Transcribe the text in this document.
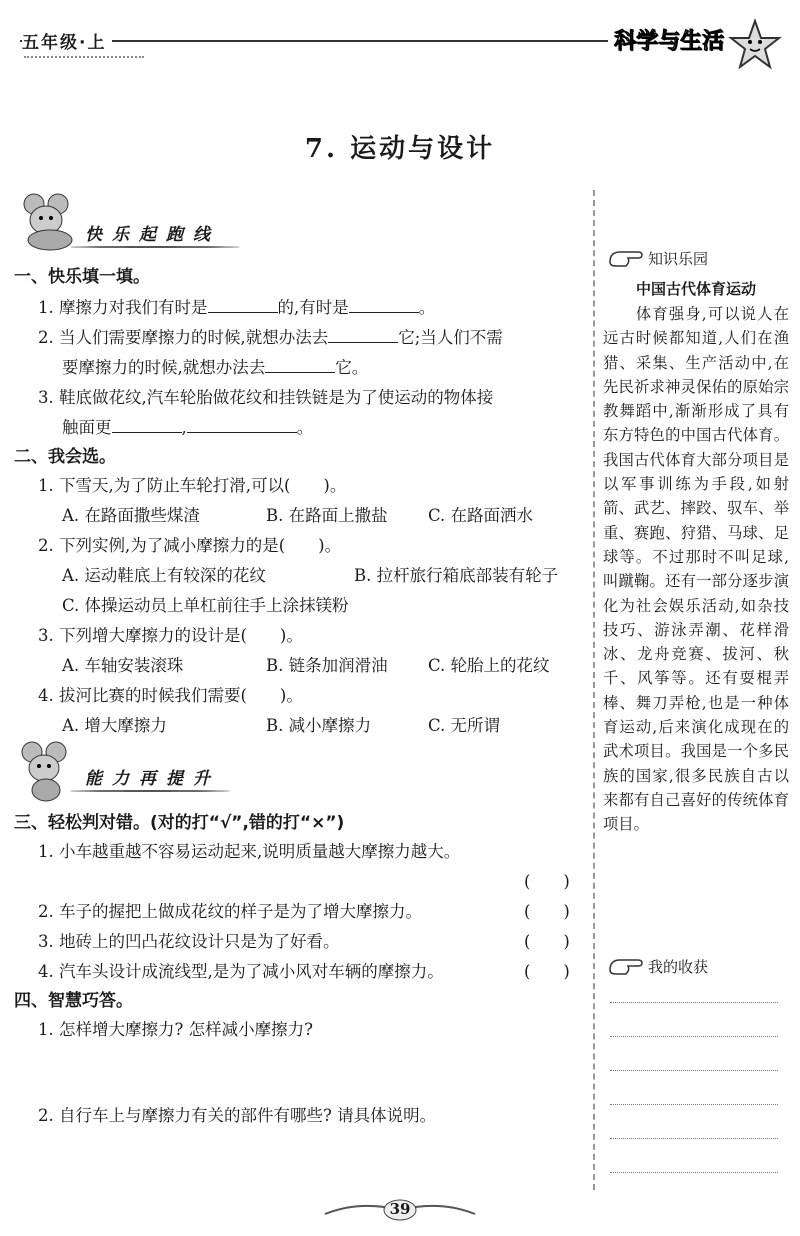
五年级·上	科学与生活
7. 运动与设计
快乐起跑线
一、快乐填一填。
1. 摩擦力对我们有时是	的,有时是	。
2. 当人们需要摩擦力的时候,就想办法去	它;当人们不需
要摩擦力的时候,就想办法去	它。
3. 鞋底做花纹,汽车轮胎做花纹和挂铁链是为了使运动的物体接
触面更	,	。
二、我会选。
1. 下雪天,为了防止车轮打滑,可以(　　)。
A. 在路面撒些煤渣	B. 在路面上撒盐 C. 在路面洒水
2. 下列实例,为了减小摩擦力的是(　　)。
A. 运动鞋底上有较深的花纹	B. 拉杆旅行箱底部装有轮子
C. 体操运动员上单杠前往手上涂抹镁粉
3. 下列增大摩擦力的设计是(　　)。
A. 车轴安装滚珠	B. 链条加润滑油 C. 轮胎上的花纹
4. 拔河比赛的时候我们需要(　　)。
A. 增大摩擦力	B. 减小摩擦力	C. 无所谓
能力再提升
三、轻松判对错。(对的打“√”,错的打“×”)
1. 小车越重越不容易运动起来,说明质量越大摩擦力越大。
(　　)
2. 车子的握把上做成花纹的样子是为了增大摩擦力。	(　　)
3. 地砖上的凹凸花纹设计只是为了好看。	(　　)
4. 汽车头设计成流线型,是为了减小风对车辆的摩擦力。	(　　)
四、智慧巧答。
1. 怎样增大摩擦力? 怎样减小摩擦力?
2. 自行车上与摩擦力有关的部件有哪些? 请具体说明。
知识乐园
中国古代体育运动
　　体育强身,可以说人在远古时候都知道,人们在渔猎、采集、生产活动中,在先民祈求神灵保佑的原始宗教舞蹈中,渐渐形成了具有东方特色的中国古代体育。我国古代体育大部分项目是以军事训练为手段,如射箭、武艺、摔跤、驭车、举重、赛跑、狩猎、马球、足球等。不过那时不叫足球,叫蹴鞠。还有一部分逐步演化为社会娱乐活动,如杂技技巧、游泳弄潮、花样滑冰、龙舟竞赛、拔河、秋千、风筝等。还有耍棍弄棒、舞刀弄枪,也是一种体育运动,后来演化成现在的武术项目。我国是一个多民族的国家,很多民族自古以来都有自己喜好的传统体育项目。
我的收获
39
